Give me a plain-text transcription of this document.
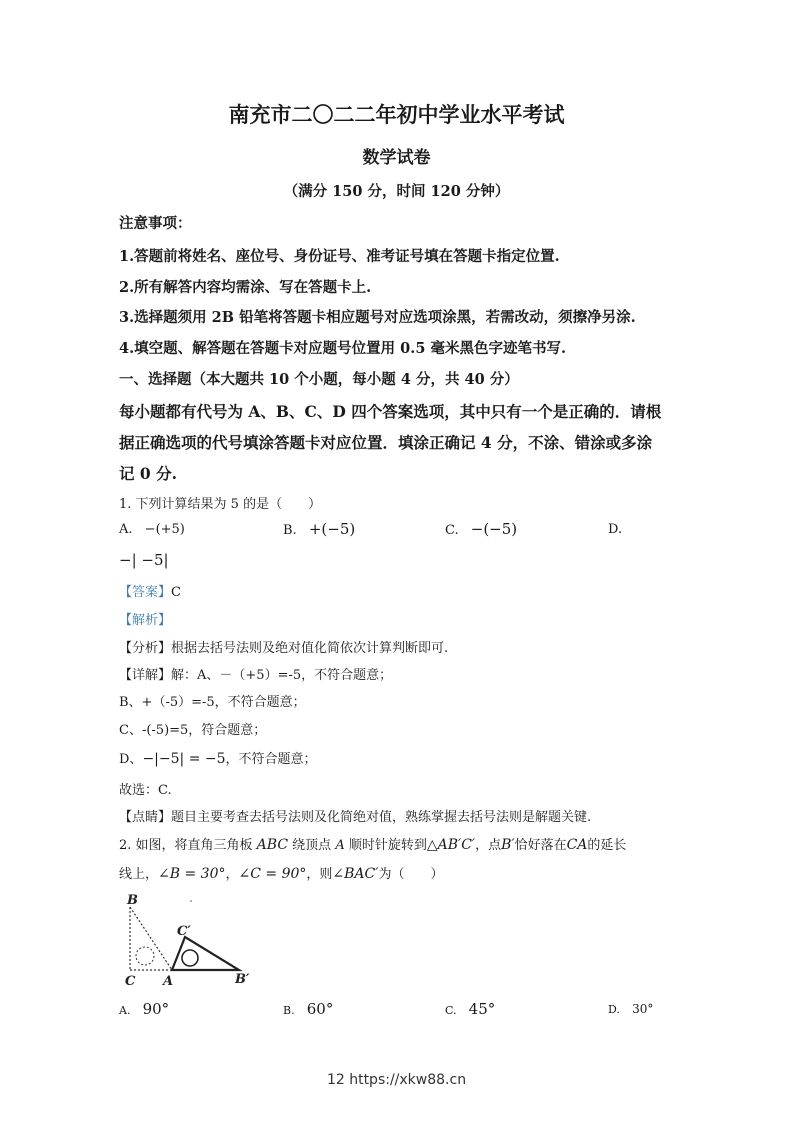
南充市二〇二二年初中学业水平考试
数学试卷
（满分 150 分，时间 120 分钟）
注意事项：
1.答题前将姓名、座位号、身份证号、准考证号填在答题卡指定位置.
2.所有解答内容均需涂、写在答题卡上.
3.选择题须用 2B 铅笔将答题卡相应题号对应选项涂黑，若需改动，须擦净另涂.
4.填空题、解答题在答题卡对应题号位置用 0.5 毫米黑色字迹笔书写.
一、选择题（本大题共 10 个小题，每小题 4 分，共 40 分）
每小题都有代号为 A、B、C、D 四个答案选项，其中只有一个是正确的．请根
据正确选项的代号填涂答题卡对应位置．填涂正确记 4 分，不涂、错涂或多涂
记 0 分.
1. 下列计算结果为 5 的是（　　）
A. −(+5)	B. +(−5)	C. −(−5)	D.
−| −5|
【答案】C
【解析】
【分析】根据去括号法则及绝对值化简依次计算判断即可.
【详解】解：A、－（+5）=-5，不符合题意；
B、+（-5）=-5，不符合题意；
C、-(-5)=5，符合题意；
D、−|−5| = −5，不符合题意；
故选：C.
【点睛】题目主要考查去括号法则及化简绝对值，熟练掌握去括号法则是解题关键.
2. 如图，将直角三角板 ABC 绕顶点 A 顺时针旋转到△AB′C′，点B′恰好落在CA的延长
线上，∠B = 30°，∠C = 90°，则∠BAC′为（　　）
B
C A
C′
B′
A. 90°	B. 60°	C. 45°	D. 30°
12 https://xkw88.cn
